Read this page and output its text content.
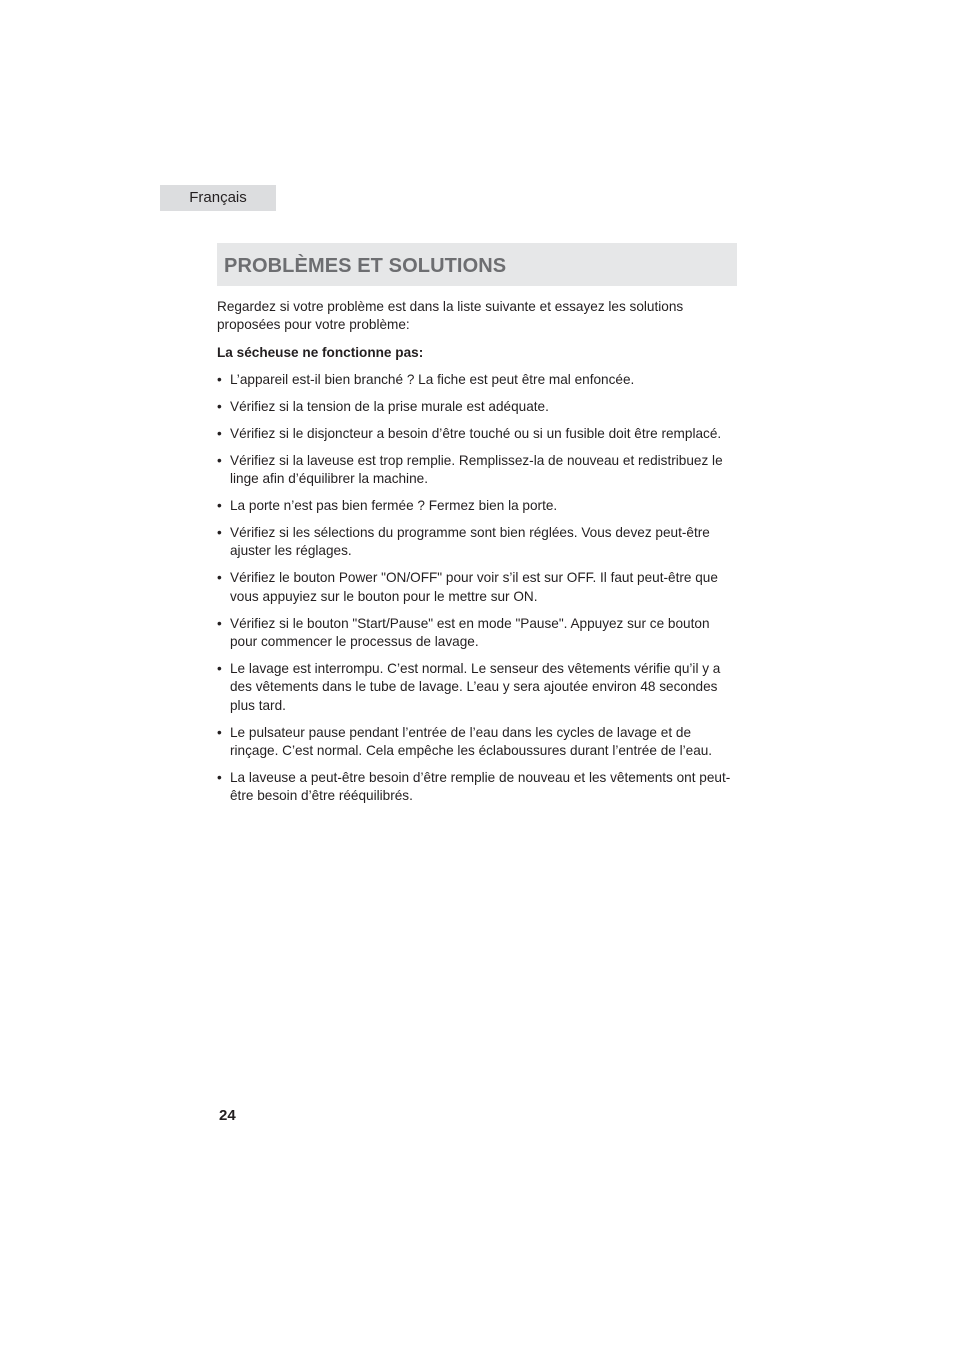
Français
PROBLÈMES ET SOLUTIONS

Regardez si votre problème est dans la liste suivante et essayez les solutions proposées pour votre problème:

La sécheuse ne fonctionne pas:

• L’appareil est-il bien branché ? La fiche est peut être mal enfoncée.
• Vérifiez si la tension de la prise murale est adéquate.
• Vérifiez si le disjoncteur a besoin d’être touché ou si un fusible doit être remplacé.
• Vérifiez si la laveuse est trop remplie. Remplissez-la de nouveau et redistribuez le linge afin d’équilibrer la machine.
• La porte n’est pas bien fermée ? Fermez bien la porte.
• Vérifiez si les sélections du programme sont bien réglées. Vous devez peut-être ajuster les réglages.
• Vérifiez le bouton Power "ON/OFF" pour voir s’il est sur OFF. Il faut peut-être que vous appuyiez sur le bouton pour le mettre sur ON.
• Vérifiez si le bouton "Start/Pause" est en mode "Pause". Appuyez sur ce bouton pour commencer le processus de lavage.
• Le lavage est interrompu. C’est normal. Le senseur des vêtements vérifie qu’il y a des vêtements dans le tube de lavage. L’eau y sera ajoutée environ 48 secondes plus tard.
• Le pulsateur pause pendant l’entrée de l’eau dans les cycles de lavage et de rinçage. C’est normal. Cela empêche les éclaboussures durant l’entrée de l’eau.
• La laveuse a peut-être besoin d’être remplie de nouveau et les vêtements ont peut-être besoin d’être rééquilibrés.
24
